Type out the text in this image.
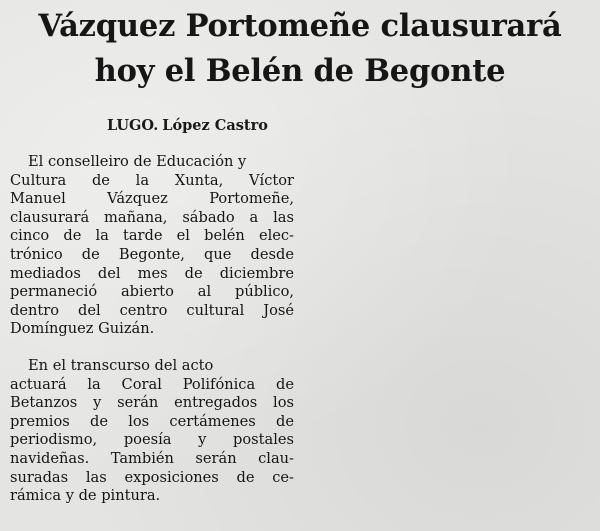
Vázquez Portomeñe clausurará
hoy el Belén de Begonte
LUGO. López Castro

El conselleiro de Educación y
Cultura de la Xunta, Víctor
Manuel Vázquez Portomeñe,
clausurará mañana, sábado a las
cinco de la tarde el belén elec-
trónico de Begonte, que desde
mediados del mes de diciembre
permaneció abierto al público,
dentro del centro cultural José
Domínguez Guizán.

En el transcurso del acto
actuará la Coral Polifónica de
Betanzos y serán entregados los
premios de los certámenes de
periodismo, poesía y postales
navideñas. También serán clau-
suradas las exposiciones de ce-
rámica y de pintura.
